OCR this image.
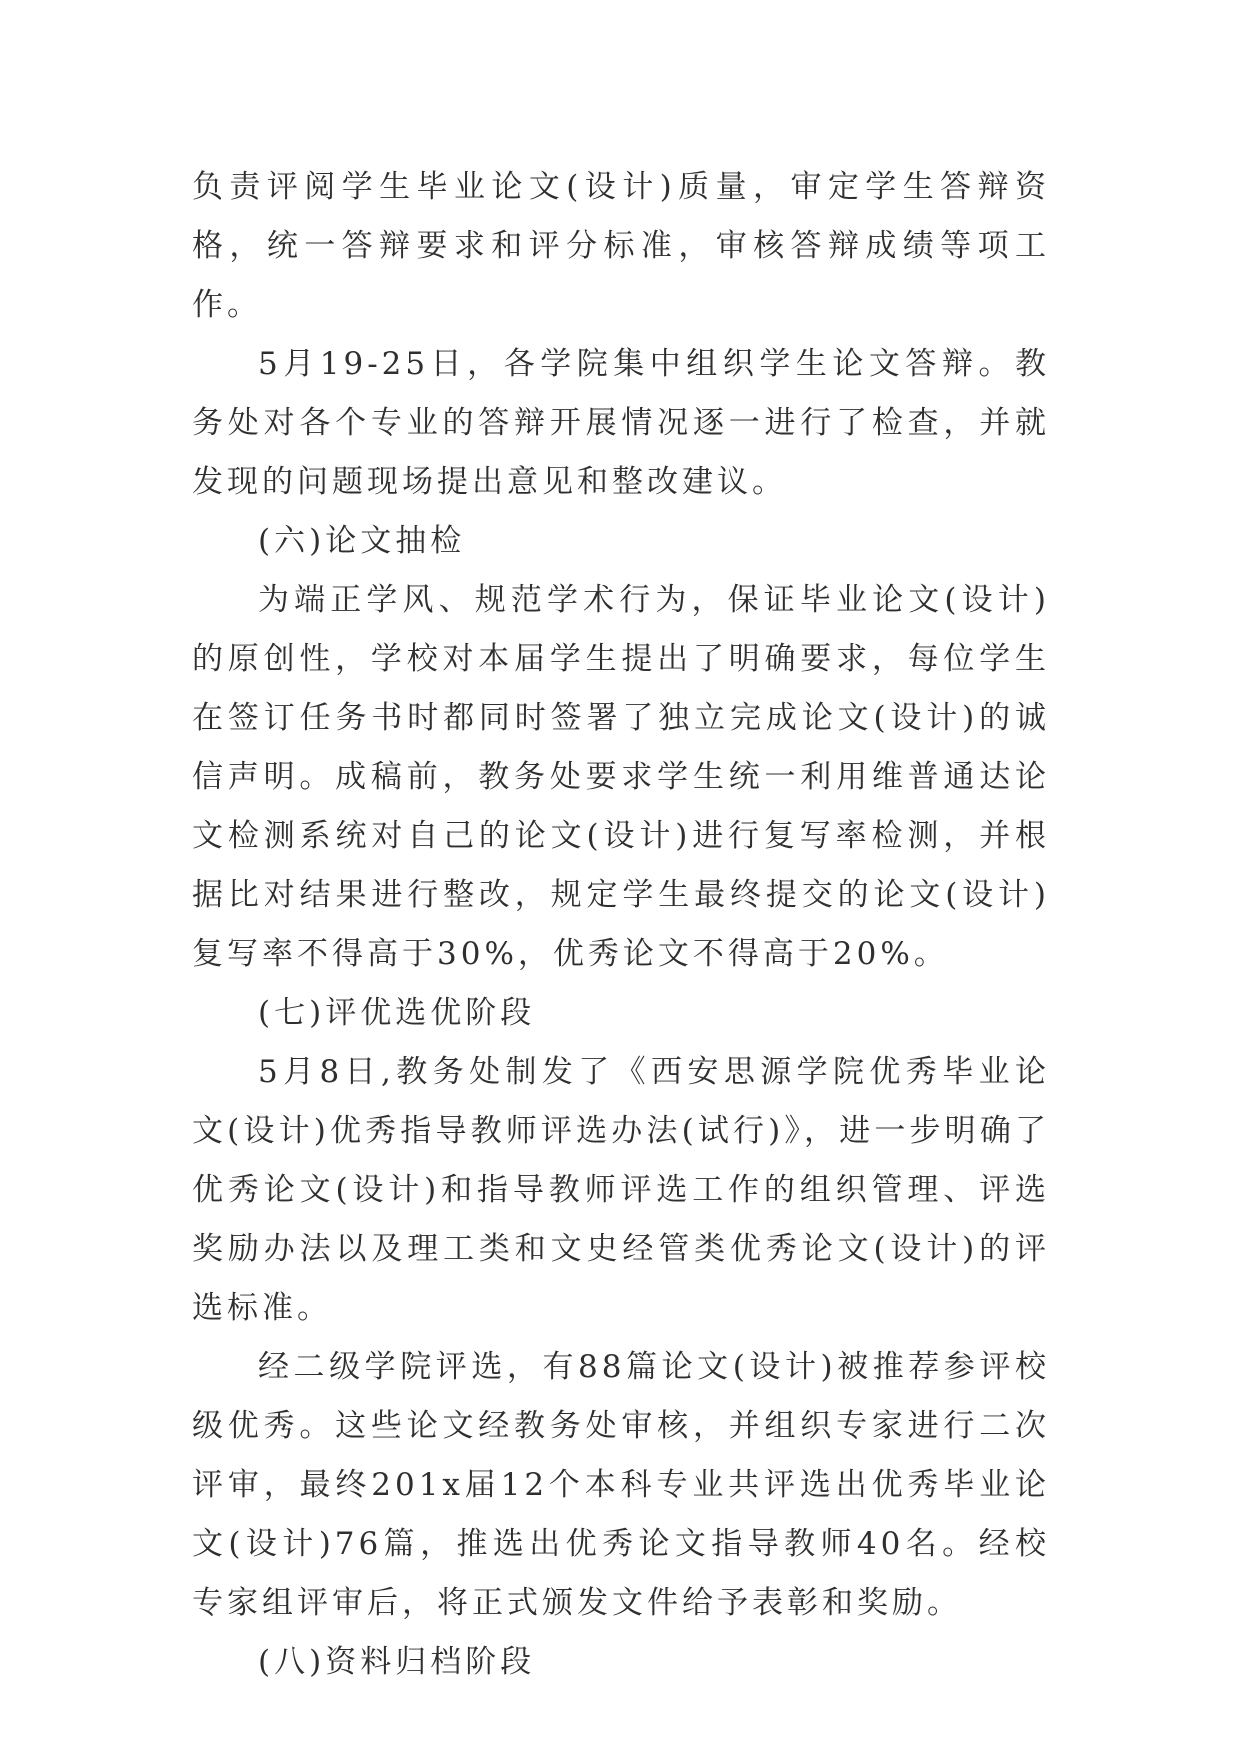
负责评阅学生毕业论文(设计)质量，审定学生答辩资格，统一答辩要求和评分标准，审核答辩成绩等项工作。

5月19-25日，各学院集中组织学生论文答辩。教务处对各个专业的答辩开展情况逐一进行了检查，并就发现的问题现场提出意见和整改建议。

(六)论文抽检

为端正学风、规范学术行为，保证毕业论文(设计)的原创性，学校对本届学生提出了明确要求，每位学生在签订任务书时都同时签署了独立完成论文(设计)的诚信声明。成稿前，教务处要求学生统一利用维普通达论文检测系统对自己的论文(设计)进行复写率检测，并根据比对结果进行整改，规定学生最终提交的论文(设计)复写率不得高于30%，优秀论文不得高于20%。

(七)评优选优阶段

5月8日,教务处制发了《西安思源学院优秀毕业论文(设计)优秀指导教师评选办法(试行)》，进一步明确了优秀论文(设计)和指导教师评选工作的组织管理、评选奖励办法以及理工类和文史经管类优秀论文(设计)的评选标准。

经二级学院评选，有88篇论文(设计)被推荐参评校级优秀。这些论文经教务处审核，并组织专家进行二次评审，最终201x届12个本科专业共评选出优秀毕业论文(设计)76篇，推选出优秀论文指导教师40名。经校专家组评审后，将正式颁发文件给予表彰和奖励。

(八)资料归档阶段
